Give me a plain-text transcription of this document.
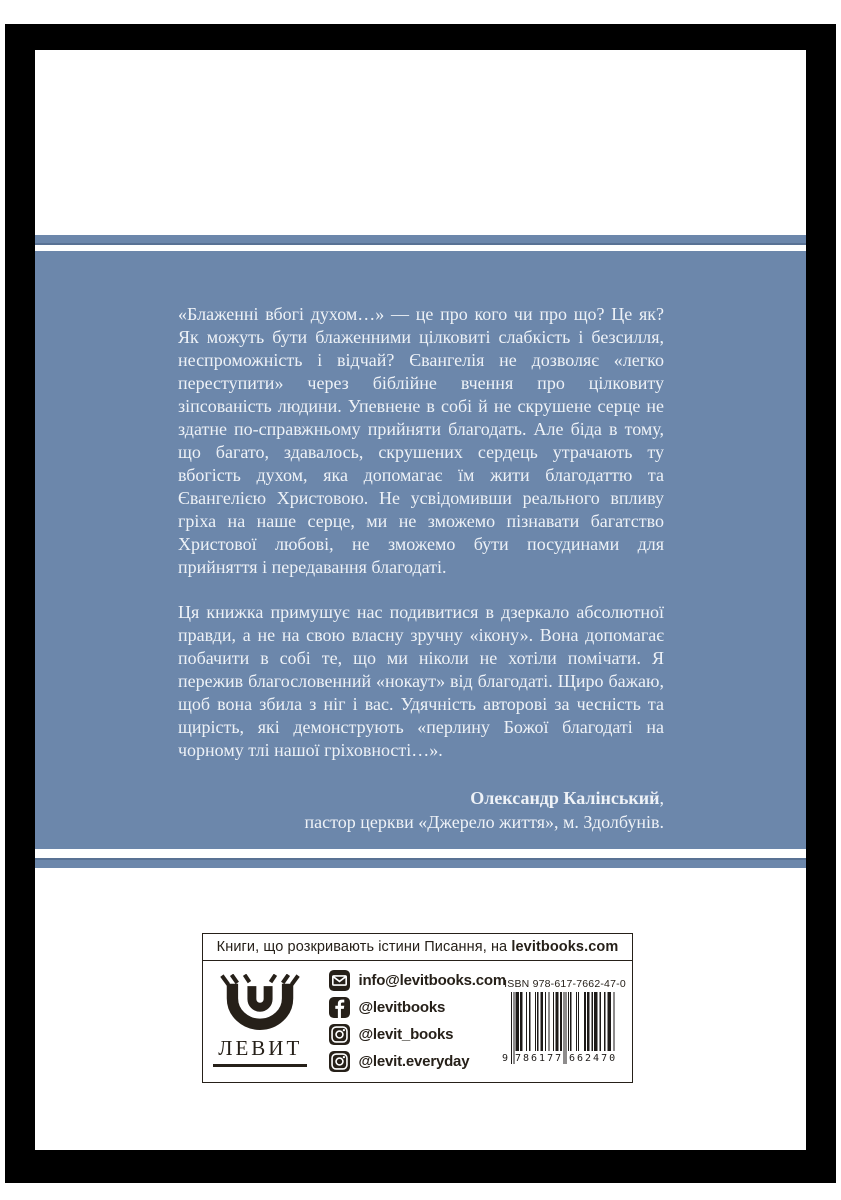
«Блаженні вбогі духом…» — це про кого чи про що? Це як? Як можуть бути блаженними цілковиті слабкість і безсилля, неспроможність і відчай? Євангелія не дозволяє «легко переступити» через біблійне вчення про цілковиту зіпсованість людини. Упевнене в собі й не скрушене серце не здатне по-справжньому прийняти благодать. Але біда в тому, що багато, здавалось, скрушених сердець утрачають ту вбогість духом, яка допомагає їм жити благодаттю та Євангелією Христовою. Не усвідомивши реального впливу гріха на наше серце, ми не зможемо пізнавати багатство Христової любові, не зможемо бути посудинами для прийняття і передавання благодаті.

Ця книжка примушує нас подивитися в дзеркало абсолютної правди, а не на свою власну зручну «ікону». Вона допомагає побачити в собі те, що ми ніколи не хотіли помічати. Я пережив благословенний «нокаут» від благодаті. Щиро бажаю, щоб вона збила з ніг і вас. Удячність авторові за чесність та щирість, які демонструють «перлину Божої благодаті на чорному тлі нашої гріховності…».

Олександр Калінський,
пастор церкви «Джерело життя», м. Здолбунів.
Книги, що розкривають істини Писання, на levitbooks.com
ЛЕВИТ
info@levitbooks.com
@levitbooks
@levit_books
@levit.everyday
ISBN 978-617-7662-47-0
9 786177 662470
